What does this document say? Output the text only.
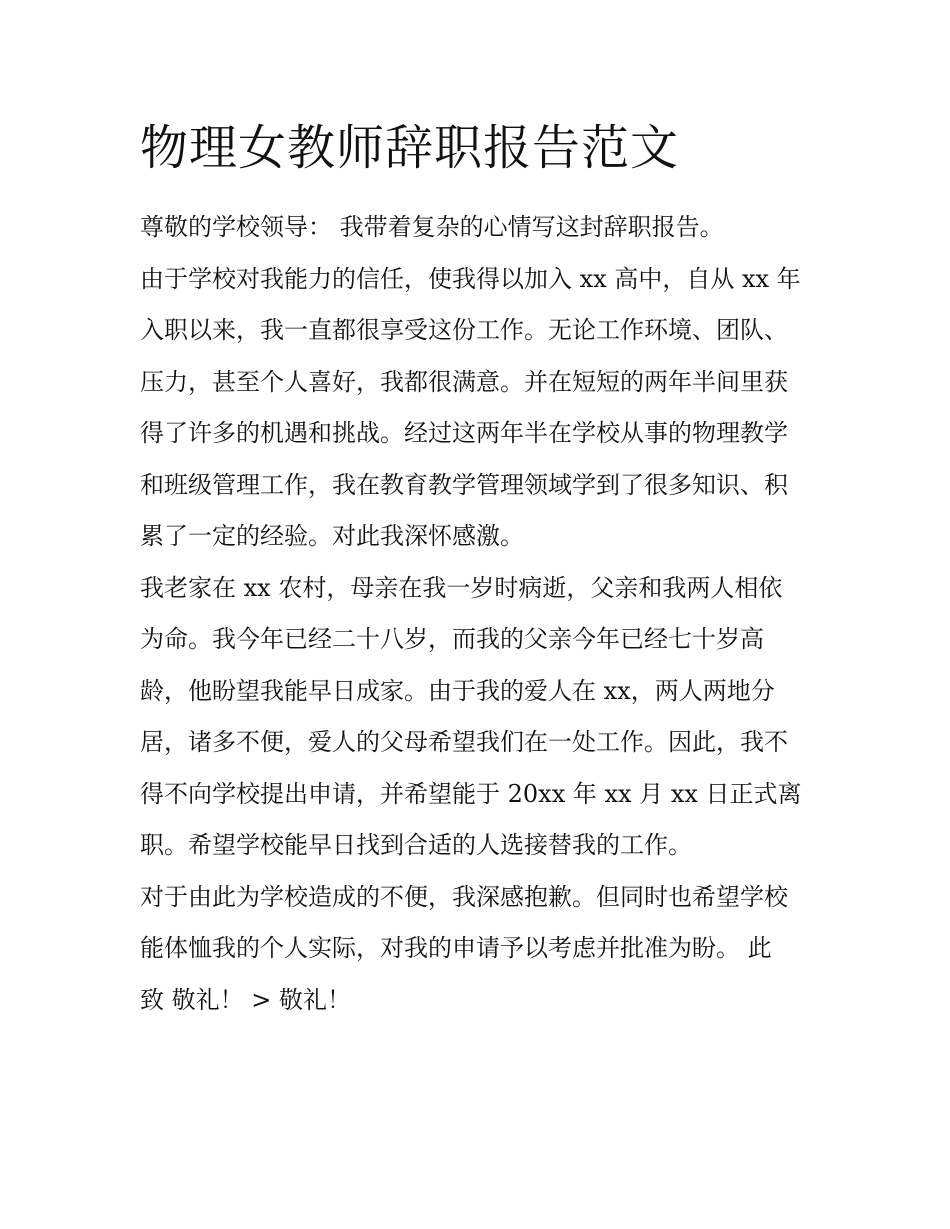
物理女教师辞职报告范文

尊敬的学校领导： 我带着复杂的心情写这封辞职报告。

由于学校对我能力的信任，使我得以加入 xx 高中，自从 xx 年

入职以来，我一直都很享受这份工作。无论工作环境、团队、

压力，甚至个人喜好，我都很满意。并在短短的两年半间里获

得了许多的机遇和挑战。经过这两年半在学校从事的物理教学

和班级管理工作，我在教育教学管理领域学到了很多知识、积

累了一定的经验。对此我深怀感激。

我老家在 xx 农村，母亲在我一岁时病逝，父亲和我两人相依

为命。我今年已经二十八岁，而我的父亲今年已经七十岁高

龄，他盼望我能早日成家。由于我的爱人在 xx，两人两地分

居，诸多不便，爱人的父母希望我们在一处工作。因此，我不

得不向学校提出申请，并希望能于 20xx 年 xx 月 xx 日正式离

职。希望学校能早日找到合适的人选接替我的工作。

对于由此为学校造成的不便，我深感抱歉。但同时也希望学校

能体恤我的个人实际，对我的申请予以考虑并批准为盼。 此

致 敬礼！ > 敬礼！
